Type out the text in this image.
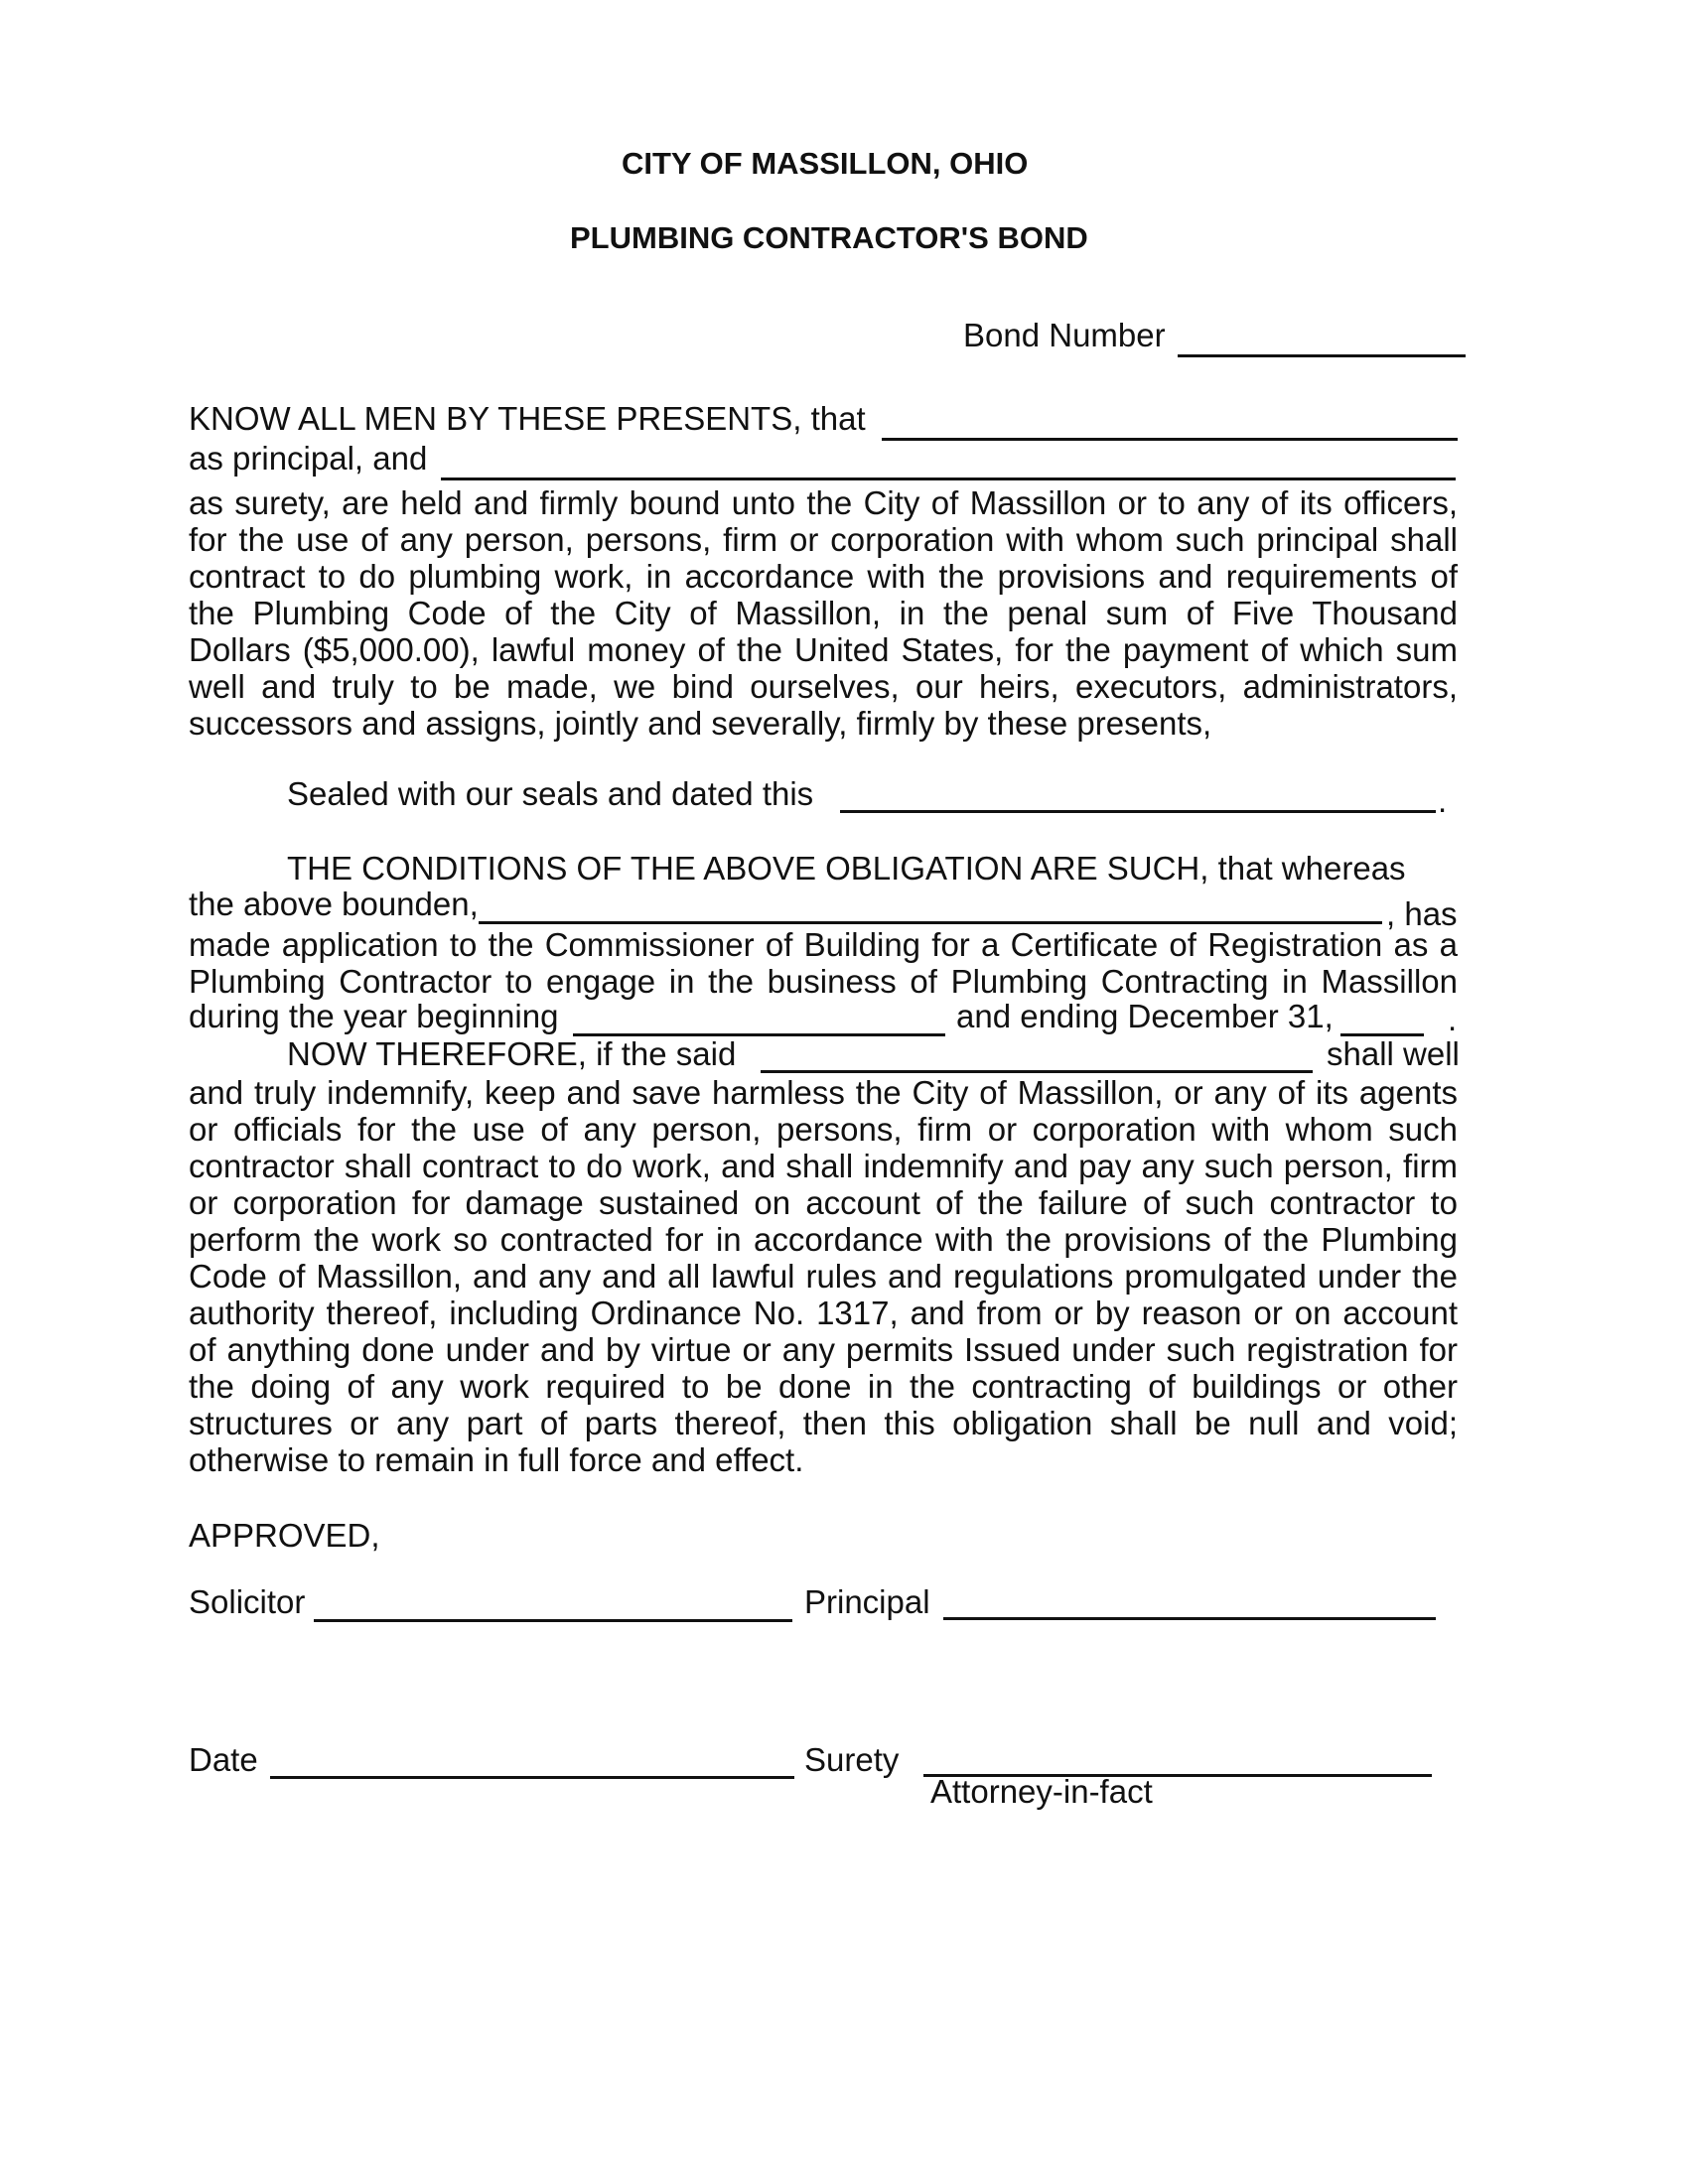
CITY OF MASSILLON, OHIO
PLUMBING CONTRACTOR'S BOND
Bond Number
KNOW ALL MEN BY THESE PRESENTS, that
as principal, and
as surety, are held and firmly bound unto the City of Massillon or to any of its officers,
for the use of any person, persons, firm or corporation with whom such principal shall
contract to do plumbing work, in accordance with the provisions and requirements of
the Plumbing Code of the City of Massillon, in the penal sum of Five Thousand
Dollars ($5,000.00), lawful money of the United States, for the payment of which sum
well and truly to be made, we bind ourselves, our heirs, executors, administrators,
successors and assigns, jointly and severally, firmly by these presents,
Sealed with our seals and dated this	.
THE CONDITIONS OF THE ABOVE OBLIGATION ARE SUCH, that whereas
the above bounden,	, has
made application to the Commissioner of Building for a Certificate of Registration as a
Plumbing Contractor to engage in the business of Plumbing Contracting in Massillon
during the year beginning	and ending December 31,	.
NOW THEREFORE, if the said	shall well
and truly indemnify, keep and save harmless the City of Massillon, or any of its agents
or officials for the use of any person, persons, firm or corporation with whom such
contractor shall contract to do work, and shall indemnify and pay any such person, firm
or corporation for damage sustained on account of the failure of such contractor to
perform the work so contracted for in accordance with the provisions of the Plumbing
Code of Massillon, and any and all lawful rules and regulations promulgated under the
authority thereof, including Ordinance No. 1317, and from or by reason or on account
of anything done under and by virtue or any permits Issued under such registration for
the doing of any work required to be done in the contracting of buildings or other
structures or any part of parts thereof, then this obligation shall be null and void;
otherwise to remain in full force and effect.
APPROVED,
Solicitor	Principal
Date	Surety
Attorney-in-fact
